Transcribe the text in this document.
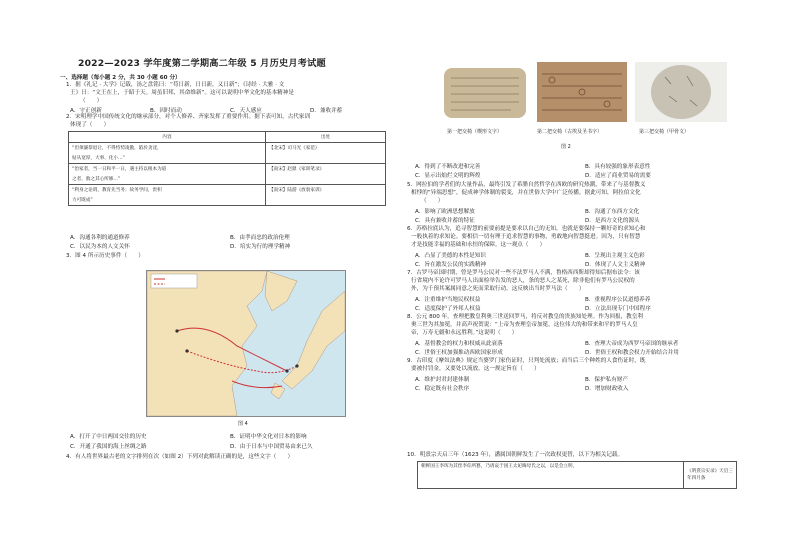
2022—2023 学年度第二学期高二年级 5 月历史月考试题
一、选择题（每小题 2 分，共 30 小题 60 分）
1．据《礼记 · 大学》记载，汤之盘铭曰：“苟日新，日日新，又日新”；《诗经 · 大雅 · 文
王》曰：“文王在上，于昭于天。周虽旧邦，其命维新”。这可以说明中华文化的基本精神是
（　　）
A．守正创新	B．因时而动	C．天人感应	D．兼收并蓄
2．宋明理学中国传统文化的继承部分，对个人修养、齐家发挥了重要作用。据下表可知，古代家训
体现了（　　）
内容	出处
“但须谦恭退让，不得恃势凌傲，陷於贪淫，	【北宋】司马光《家范》
姑从宽厚，大事、化小…”	
“治家者，当一日和平一日，遇主持以根本为道	【南宋】赵鼎《家训笔录》
之者，救之其心所修…”	
“利身之论谓，教育先当务；故务学问，贵积	【南宋】陆游《放翁家训》
力可既成”	
A．沟通各利的通道修养	B．由孝而忠的政治伦理
C．以民为本的人文关怀	D．培实为行的理学精神
3．图 4 所示历史事件（　　）
图 4
A．打开了中日两国交往的历史	B．证明中华文化对日本的影响
C．开通了我国的海上丝绸之路	D．由于日本与中国贸易由来已久
4．有人将世界最古老的文字排列在次（如图 2）下列对此解读正确的是，这些文字（　　）
第一把交椅（楔形文字）	第二把交椅（古埃及圣书字）	第三把交椅（甲骨文）
图 2
A．得到了不断改进和完善	B．具有较强的象形表意性
C．显示出灿烂文明的辉煌	D．适应了商业贸易的需要
5．网拉伯的学者们的大量作品，最终引发了希腊自然哲学在西欧的研究热潮，带来了与基督教义
相悖的“异端思想”，促成神学体制的裂变，并在世俗大学中广泛传播。据此可知，阿拉伯文化
（　　）
A．影响了欧洲思想解放	B．沟通了东西方文化
C．具有兼收并蓄的特征	D．是西方文化的源头
6．苏格拉底认为，追寻智慧的前要前提是要求以自己的无知，也就是要保持一颗好奇的求知心和
一般执着的求知论。要相信一切有理于追求智慧的事物，勇敢地向智慧挺进。因为，只有智慧
才是技能幸福的基础和永恒的保障。这一观点（　　）
A．凸显了美德的本性是知识	B．呈现出主观主义色彩
C．旨在激发公民的实践精神	D．体现了人文主义精神
7．古罗马帝国时期，曾是罗马公民对一些不法罗马人不满，鲁格西西斯却得知后据布法令：该
行省境内不论许可罗马人出面检举告发的恶人，条的恶人之某死，除非他们有罗马公民权的
外，为千预其案属同意之死而采取行动。这反映出当时罗马法（　　）
A．注重维护当地民权权益	B．重视程序公民道德养养
C．适度保护了外邦人权益	D．立法出现专门中国程序
8．公元 800 年，查理把教皇利奥三世送回罗马，将反对教皇的贵族知处理。作为回报，教皇利
奥三世为其加冕，并高声祝贺说：“上帝为查理皇帝加冕，这位伟大的和带来和平的罗马人皇
帝，万寿无疆和永远胜利。”这说明（　　）
A．基督教会的权力和权威从此衰落	B．查理大帝成为西罗马帝国的继承者
C．世俗王权加强推动西欧国家形成	D．世俗王权和教会权力开始结合并用
9．古印度《摩奴法典》规定当婆罗门家伤证时，只判处流放；而当后三个种姓的人食伤证时，既
要被付罚金，又要处以流放。这一规定旨在（　　）
A．维护封君封建体制	B．保护私有财产
C．稳定既有社会秩序	D．增加财政收入
10．明熹宗天启三年（1623 年），潘属国朝鲜发生了一次政权更替，以下为相关记载。
朝鲜国王李珲为其侄李倧所篡，乃请哀于国王太妃晦母氏之以，以是会立明，	《明熹宗实录》天启三年四月条
